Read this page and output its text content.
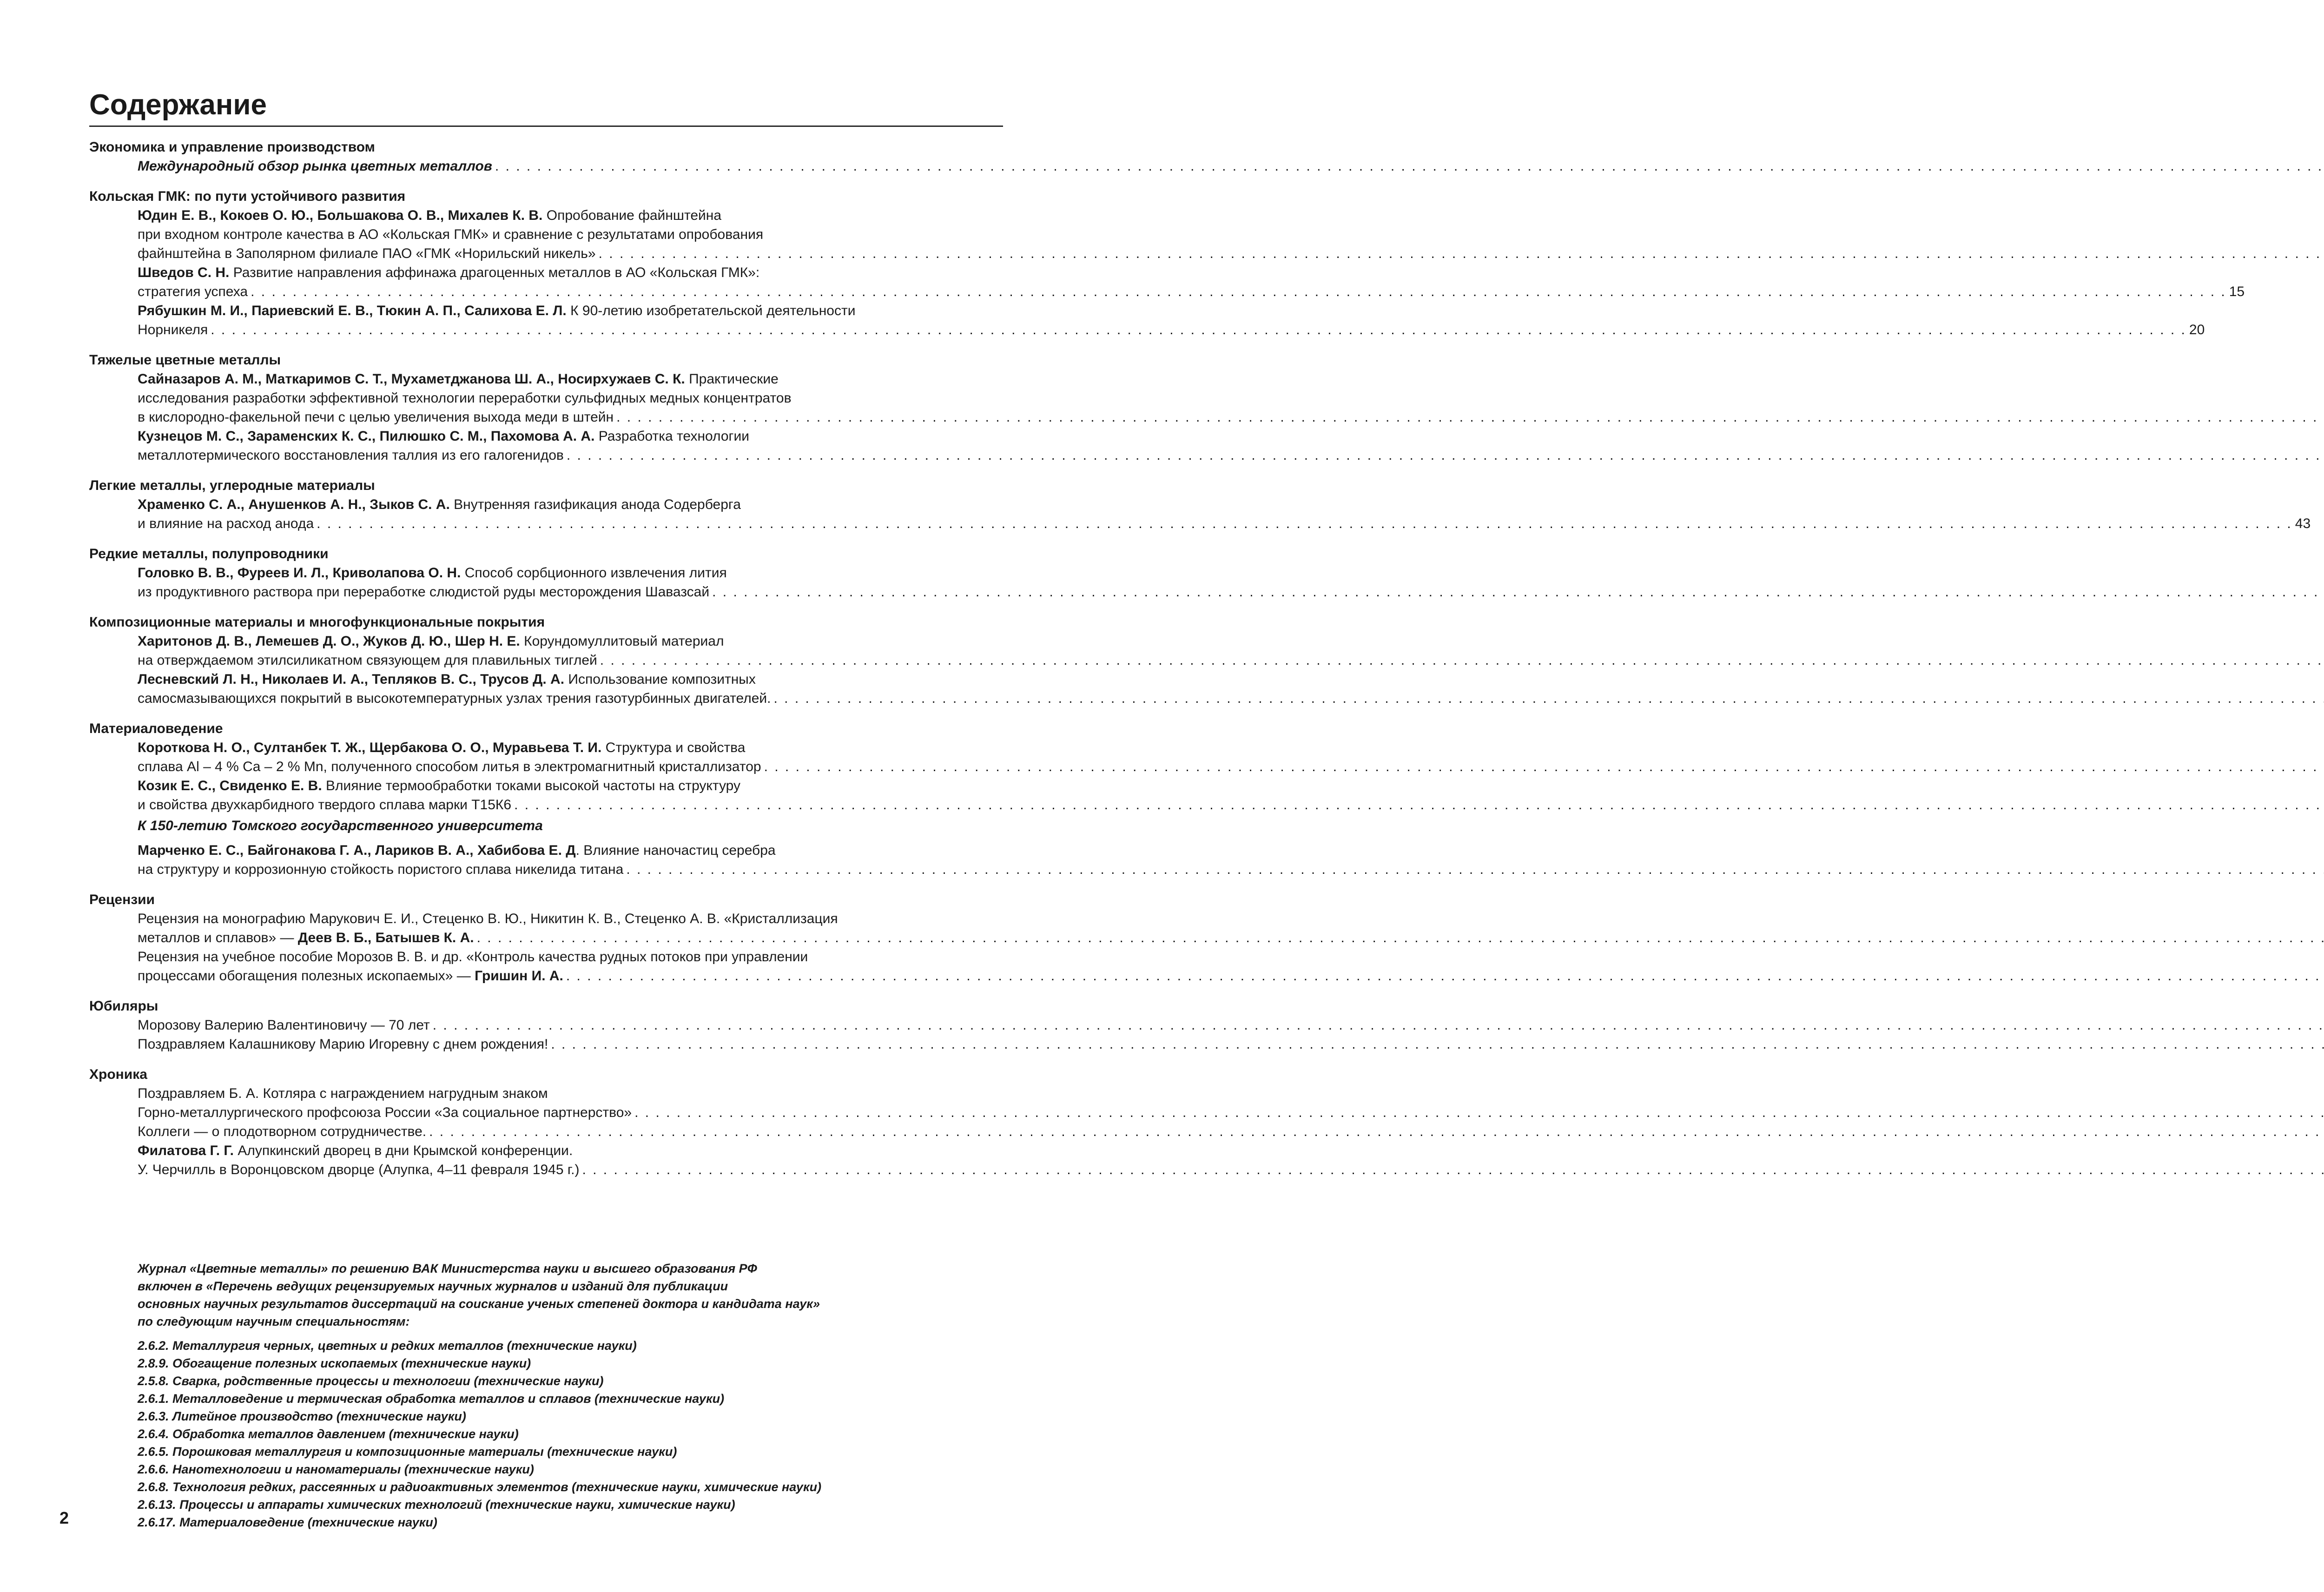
Содержание
Экономика и управление производством
Международный обзор рынка цветных металлов
. . .
Кольская ГМК: по пути устойчивого развития
Юдин Е. В., Кокоев О. Ю., Большакова О. В., Михалев К. В. Опробование файнштейна
при входном контроле качества в АО «Кольская ГМК» и сравнение с результатами опробования
файнштейна в Заполярном филиале ПАО «ГМК «Норильский никель»
. . .
Шведов С. Н. Развитие направления аффинажа драгоценных металлов в АО «Кольская ГМК»:
стратегия успеха . . .	15
Рябушкин М. И., Париевский Е. В., Тюкин А. П., Салихова Е. Л. К 90-летию изобретательской деятельности
Норникеля . . .	20
Тяжелые цветные металлы
Сайназаров А. М., Маткаримов С. Т., Мухаметджанова Ш. А., Носирхужаев С. К. Практические
исследования разработки эффективной технологии переработки сульфидных медных концентратов
в кислородно-факельной печи с целью увеличения выхода меди в штейн
. . .
Кузнецов М. С., Зараменских К. С., Пилюшко С. М., Пахомова А. А. Разработка технологии
металлотермического восстановления таллия из его галогенидов
. . .
Легкие металлы, углеродные материалы
Храменко С. А., Анушенков А. Н., Зыков С. А. Внутренняя газификация анода Содерберга
и влияние на расход анода . . .	43
Редкие металлы, полупроводники
Головко В. В., Фуреев И. Л., Криволапова О. Н. Способ сорбционного извлечения лития
из продуктивного раствора при переработке слюдистой руды месторождения Шавазсай
. . .
Композиционные материалы и многофункциональные покрытия
Харитонов Д. В., Лемешев Д. О., Жуков Д. Ю., Шер Н. Е. Корундомуллитовый материал
на отверждаемом этилсиликатном связующем для плавильных тиглей
. . .
Лесневский Л. Н., Николаев И. А., Тепляков В. С., Трусов Д. А. Использование композитных
самосмазывающихся покрытий в высокотемпературных узлах трения газотурбинных двигателей.
. . .
Материаловедение
Короткова Н. О., Султанбек Т. Ж., Щербакова О. О., Муравьева Т. И. Структура и свойства
сплава Al – 4 % Ca – 2 % Mn, полученного способом литья в электромагнитный кристаллизатор
. . .
Козик Е. С., Свиденко Е. В. Влияние термообработки токами высокой частоты на структуру
и свойства двухкарбидного твердого сплава марки Т15К6
. . .
К 150-летию Томского государственного университета
Марченко Е. С., Байгонакова Г. А., Лариков В. А., Хабибова Е. Д. Влияние наночастиц серебра
на структуру и коррозионную стойкость пористого сплава никелида титана
. . .
Рецензии
Рецензия на монографию Марукович Е. И., Стеценко В. Ю., Никитин К. В., Стеценко А. В. «Кристаллизация
металлов и сплавов» — Деев В. Б., Батышев К. А.
. . .
Рецензия на учебное пособие Морозов В. В. и др. «Контроль качества рудных потоков при управлении
процессами обогащения полезных ископаемых» — Гришин И. А.
. . .
Юбиляры
Морозову Валерию Валентиновичу — 70 лет
. . .
Поздравляем Калашникову Марию Игоревну с днем рождения!
. . .
Хроника
Поздравляем Б. А. Котляра с награждением нагрудным знаком
Горно-металлургического профсоюза России «За социальное партнерство»
. . .
Коллеги — о плодотворном сотрудничестве.
. . .
Филатова Г. Г. Алупкинский дворец в дни Крымской конференции.
У. Черчилль в Воронцовском дворце (Алупка, 4–11 февраля 1945 г.)
. . .
Журнал «Цветные металлы» по решению ВАК Министерства науки и высшего образования РФ
включен в «Перечень ведущих рецензируемых научных журналов и изданий для публикации
основных научных результатов диссертаций на соискание ученых степеней доктора и кандидата наук»
по следующим научным специальностям:
2.6.2. Металлургия черных, цветных и редких металлов (технические науки)
2.8.9. Обогащение полезных ископаемых (технические науки)
2.5.8. Сварка, родственные процессы и технологии (технические науки)
2.6.1. Металловедение и термическая обработка металлов и сплавов (технические науки)
2.6.3. Литейное производство (технические науки)
2.6.4. Обработка металлов давлением (технические науки)
2.6.5. Порошковая металлургия и композиционные материалы (технические науки)
2.6.6. Нанотехнологии и наноматериалы (технические науки)
2.6.8. Технология редких, рассеянных и радиоактивных элементов (технические науки, химические науки)
2.6.13. Процессы и аппараты химических технологий (технические науки, химические науки)
2.6.17. Материаловедение (технические науки)
2
